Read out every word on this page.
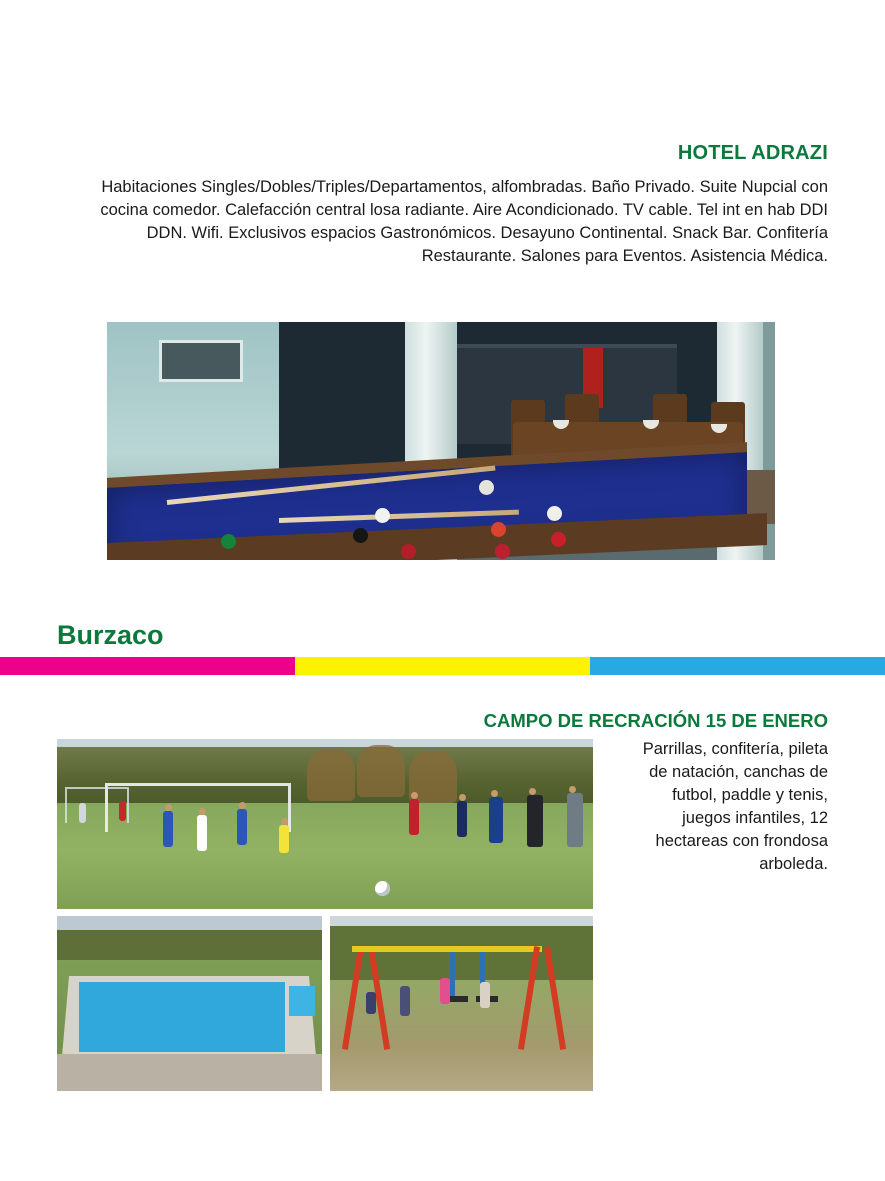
HOTEL ADRAZI
Habitaciones Singles/Dobles/Triples/Departamentos, alfombradas. Baño Privado. Suite Nupcial con cocina comedor. Calefacción central losa radiante. Aire Acondicionado. TV cable. Tel int en hab DDI DDN. Wifi. Exclusivos espacios Gastronómicos. Desayuno Continental. Snack Bar. Confitería Restaurante. Salones para Eventos. Asistencia Médica.
Burzaco
CAMPO DE RECRACIÓN 15 DE ENERO
Parrillas, confitería, pileta de natación, canchas de futbol, paddle y tenis, juegos infantiles, 12 hectareas con frondosa arboleda.
